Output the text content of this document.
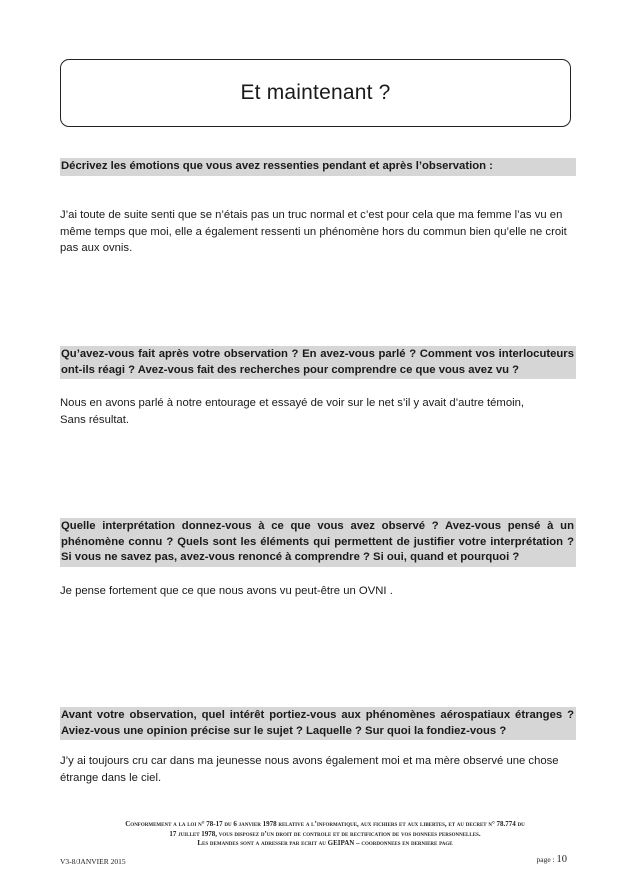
Et maintenant ?
Décrivez les émotions que vous avez ressenties pendant et après l’observation :
J’ai toute de suite senti que se n’étais pas un truc normal et c’est pour cela que ma femme l’as vu en même temps que moi, elle a également ressenti un phénomène hors du commun bien qu’elle ne croit pas aux ovnis.
Qu’avez-vous fait après votre observation ? En avez-vous parlé ? Comment vos interlocuteurs ont-ils réagi ? Avez-vous fait des recherches pour comprendre ce que vous avez vu ?
Nous en avons parlé à notre entourage et essayé de voir sur le net s’il y avait d’autre témoin,
Sans résultat.
Quelle interprétation donnez-vous à ce que vous avez observé ? Avez-vous pensé à un phénomène connu ? Quels sont les éléments qui permettent de justifier votre interprétation ? Si vous ne savez pas, avez-vous renoncé à comprendre ? Si oui, quand et pourquoi ?
Je pense fortement que ce que nous avons vu peut-être un OVNI .
Avant votre observation, quel intérêt portiez-vous aux phénomènes aérospatiaux étranges ? Aviez-vous une opinion précise sur le sujet ? Laquelle ? Sur quoi la fondiez-vous ?
J’y ai toujours cru car dans ma jeunesse nous avons également moi et ma mère observé une chose étrange dans le ciel.
Conformement a la loi n° 78-17 du 6 janvier 1978 relative a l’informatique, aux fichiers et aux libertes, et au decret n° 78.774 du
17 juillet 1978, vous disposez d’un droit de controle et de rectification de vos donnees personnelles.
Les demandes sont a adresser par ecrit au GEIPAN – coordonnees en derniere page
V3-8/JANVIER 2015	page : 10
